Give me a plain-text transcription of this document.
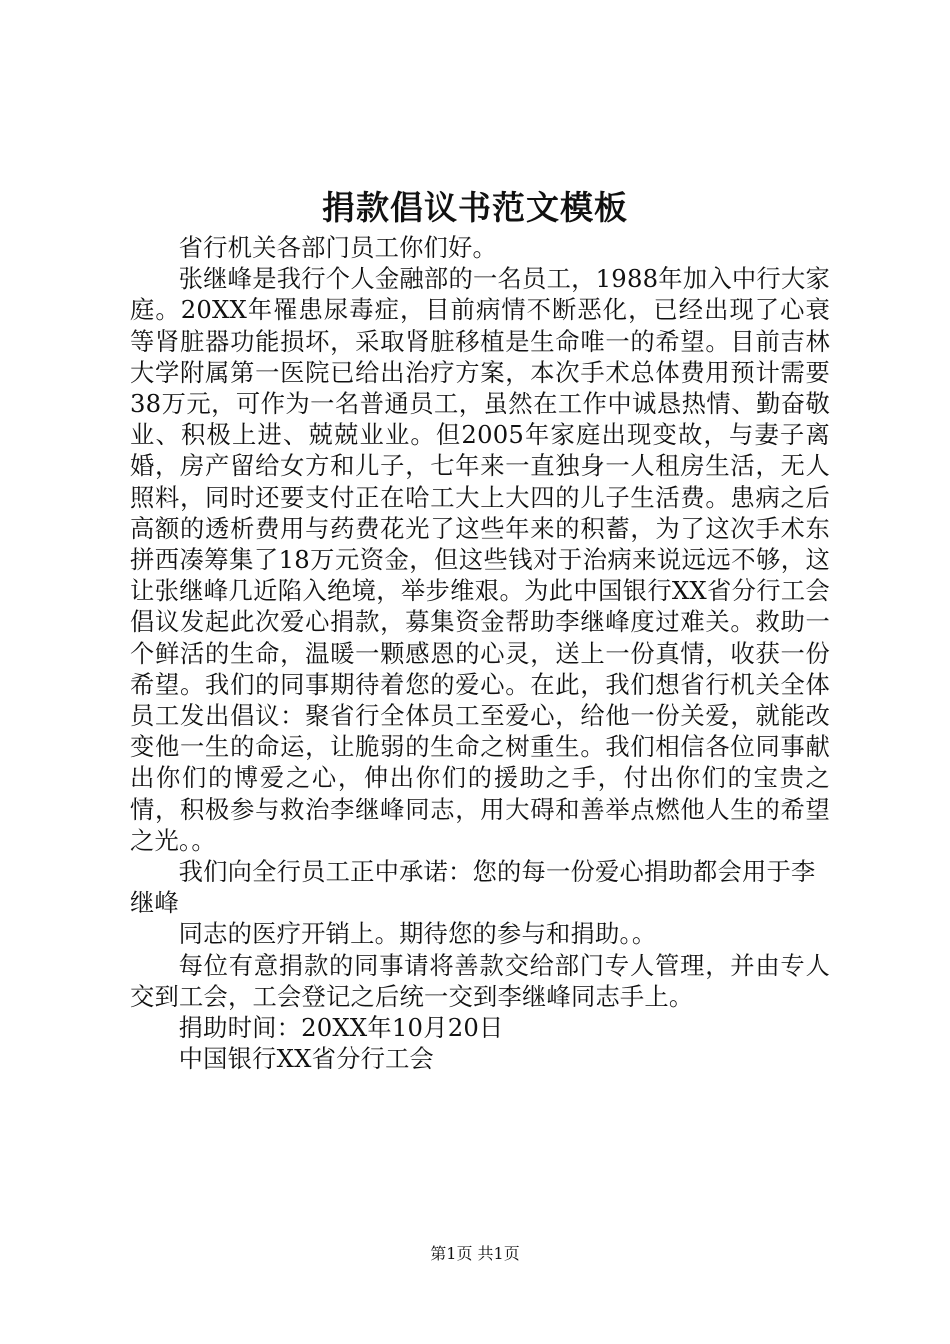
捐款倡议书范文模板

省行机关各部门员工你们好。

张继峰是我行个人金融部的一名员工，1988年加入中行大家庭。20XX年罹患尿毒症，目前病情不断恶化，已经出现了心衰等肾脏器功能损坏，采取肾脏移植是生命唯一的希望。目前吉林大学附属第一医院已给出治疗方案，本次手术总体费用预计需要38万元，可作为一名普通员工，虽然在工作中诚恳热情、勤奋敬业、积极上进、兢兢业业。但2005年家庭出现变故，与妻子离婚，房产留给女方和儿子，七年来一直独身一人租房生活，无人照料，同时还要支付正在哈工大上大四的儿子生活费。患病之后高额的透析费用与药费花光了这些年来的积蓄，为了这次手术东拼西凑筹集了18万元资金，但这些钱对于治病来说远远不够，这让张继峰几近陷入绝境，举步维艰。为此中国银行XX省分行工会倡议发起此次爱心捐款，募集资金帮助李继峰度过难关。救助一个鲜活的生命，温暖一颗感恩的心灵，送上一份真情，收获一份希望。我们的同事期待着您的爱心。在此，我们想省行机关全体员工发出倡议：聚省行全体员工至爱心，给他一份关爱，就能改变他一生的命运，让脆弱的生命之树重生。我们相信各位同事献出你们的博爱之心，伸出你们的援助之手，付出你们的宝贵之情，积极参与救治李继峰同志，用大碍和善举点燃他人生的希望之光。。

我们向全行员工正中承诺：您的每一份爱心捐助都会用于李继峰

同志的医疗开销上。期待您的参与和捐助。。

每位有意捐款的同事请将善款交给部门专人管理，并由专人交到工会，工会登记之后统一交到李继峰同志手上。

捐助时间：20XX年10月20日

中国银行XX省分行工会

第1页 共1页
